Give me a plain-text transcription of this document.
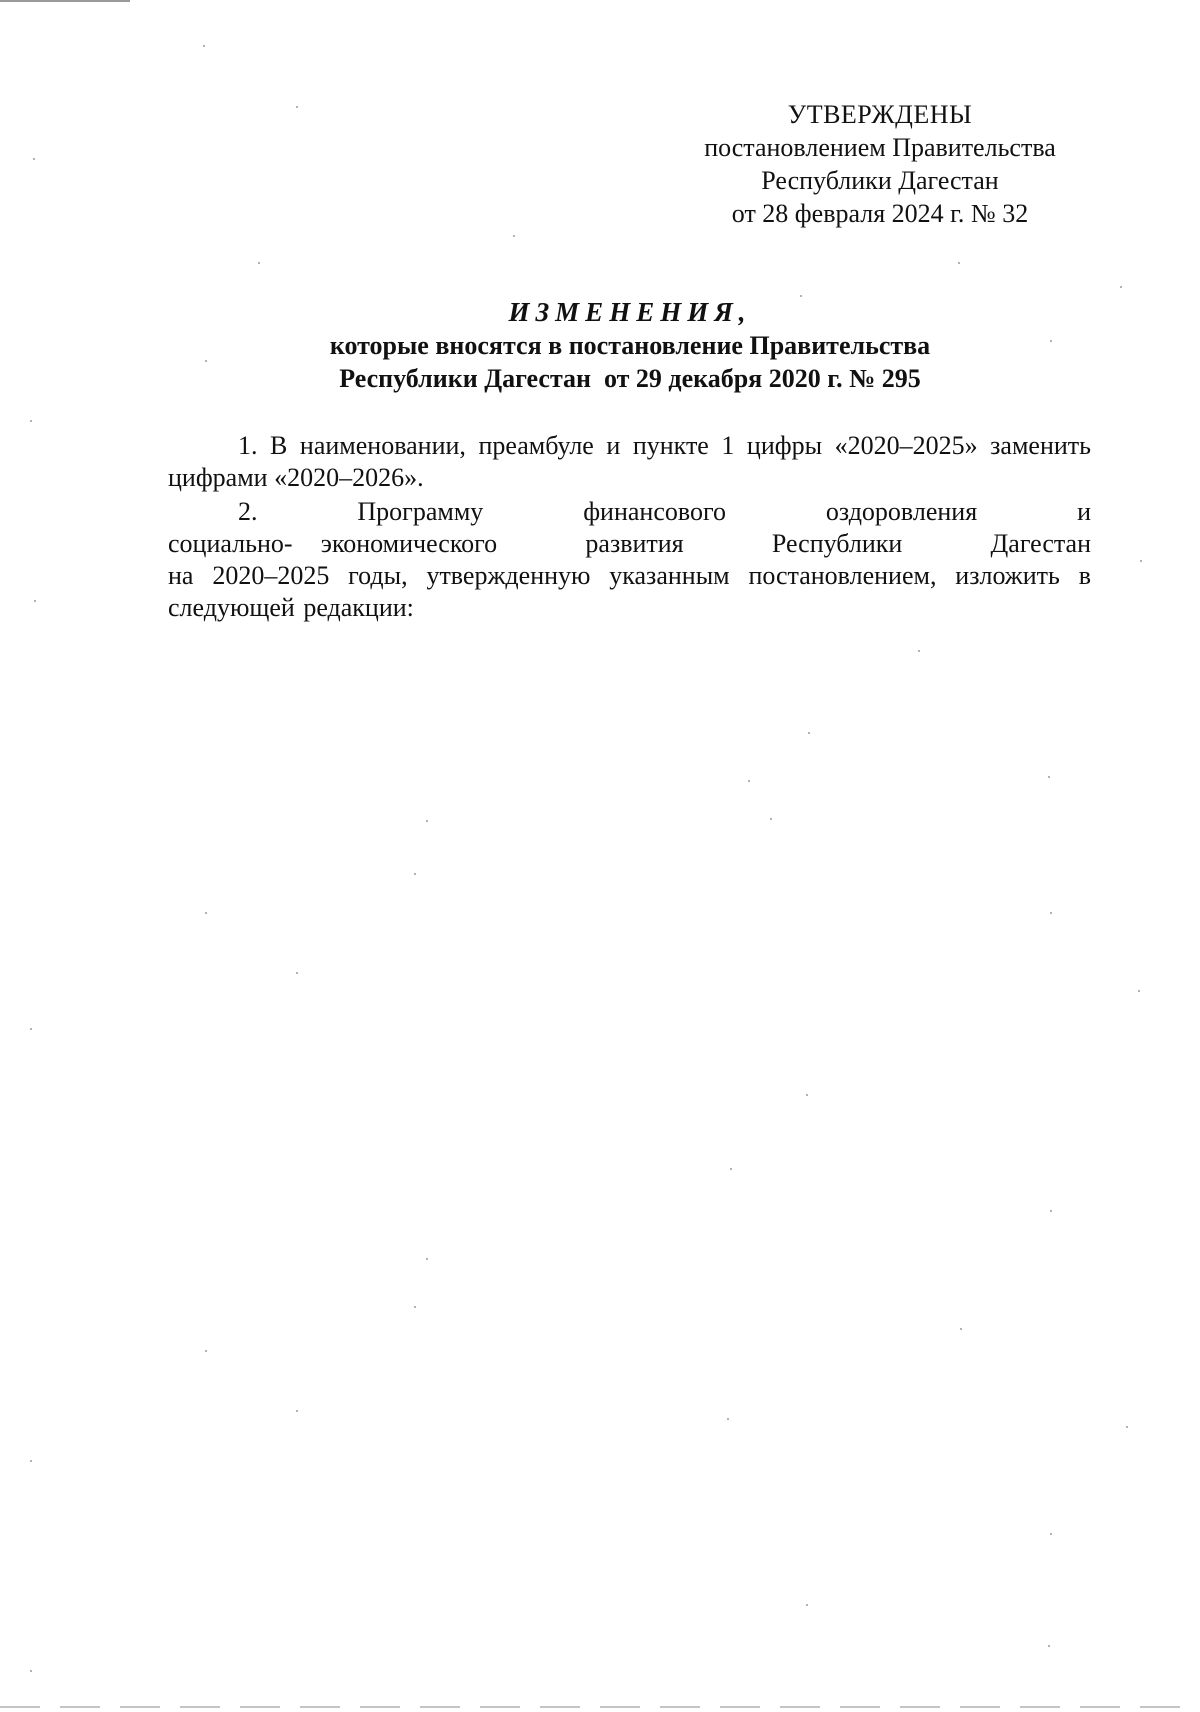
УТВЕРЖДЕНЫ
постановлением Правительства
Республики Дагестан
от 28 февраля 2024 г. № 32
ИЗМЕНЕНИЯ,
которые вносятся в постановление Правительства
Республики Дагестан  от 29 декабря 2020 г. № 295

1. В наименовании, преамбуле и пункте 1 цифры «2020–2025» заменить цифрами «2020–2026».

2. Программу финансового оздоровления и социально- экономического развития Республики Дагестан на 2020–2025 годы, утвержденную указанным постановлением, изложить в следующей редакции:
